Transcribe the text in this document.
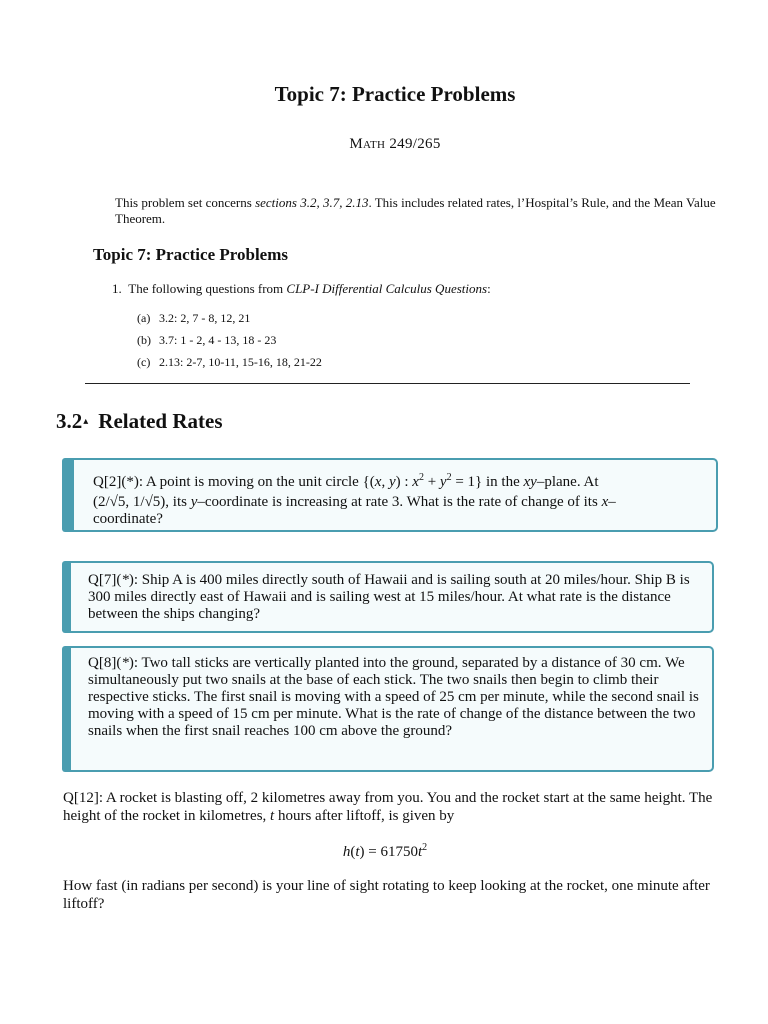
Topic 7: Practice Problems
Math 249/265
This problem set concerns sections 3.2, 3.7, 2.13. This includes related rates, l’Hospital’s Rule, and the Mean Value Theorem.
Topic 7: Practice Problems
1. The following questions from CLP-I Differential Calculus Questions:
(a) 3.2: 2, 7 - 8, 12, 21
(b) 3.7: 1 - 2, 4 - 13, 18 - 23
(c) 2.13: 2-7, 10-11, 15-16, 18, 21-22
3.2▴ Related Rates
Q[2](*): A point is moving on the unit circle {(x, y) : $x^2 + y^2 = 1$} in the xy–plane. At
(2/√5, 1/√5), its y–coordinate is increasing at rate 3. What is the rate of change of its x–
coordinate?
Q[7](*): Ship A is 400 miles directly south of Hawaii and is sailing south at 20 miles/hour. Ship B is 300 miles directly east of Hawaii and is sailing west at 15 miles/hour. At what rate is the distance between the ships changing?
Q[8](*): Two tall sticks are vertically planted into the ground, separated by a distance of 30 cm. We simultaneously put two snails at the base of each stick. The two snails then begin to climb their respective sticks. The first snail is moving with a speed of 25 cm per minute, while the second snail is moving with a speed of 15 cm per minute. What is the rate of change of the distance between the two snails when the first snail reaches 100 cm above the ground?
Q[12]: A rocket is blasting off, 2 kilometres away from you. You and the rocket start at the same height. The height of the rocket in kilometres, t hours after liftoff, is given by
$h(t) = 61750t^2$
How fast (in radians per second) is your line of sight rotating to keep looking at the rocket, one minute after liftoff?
